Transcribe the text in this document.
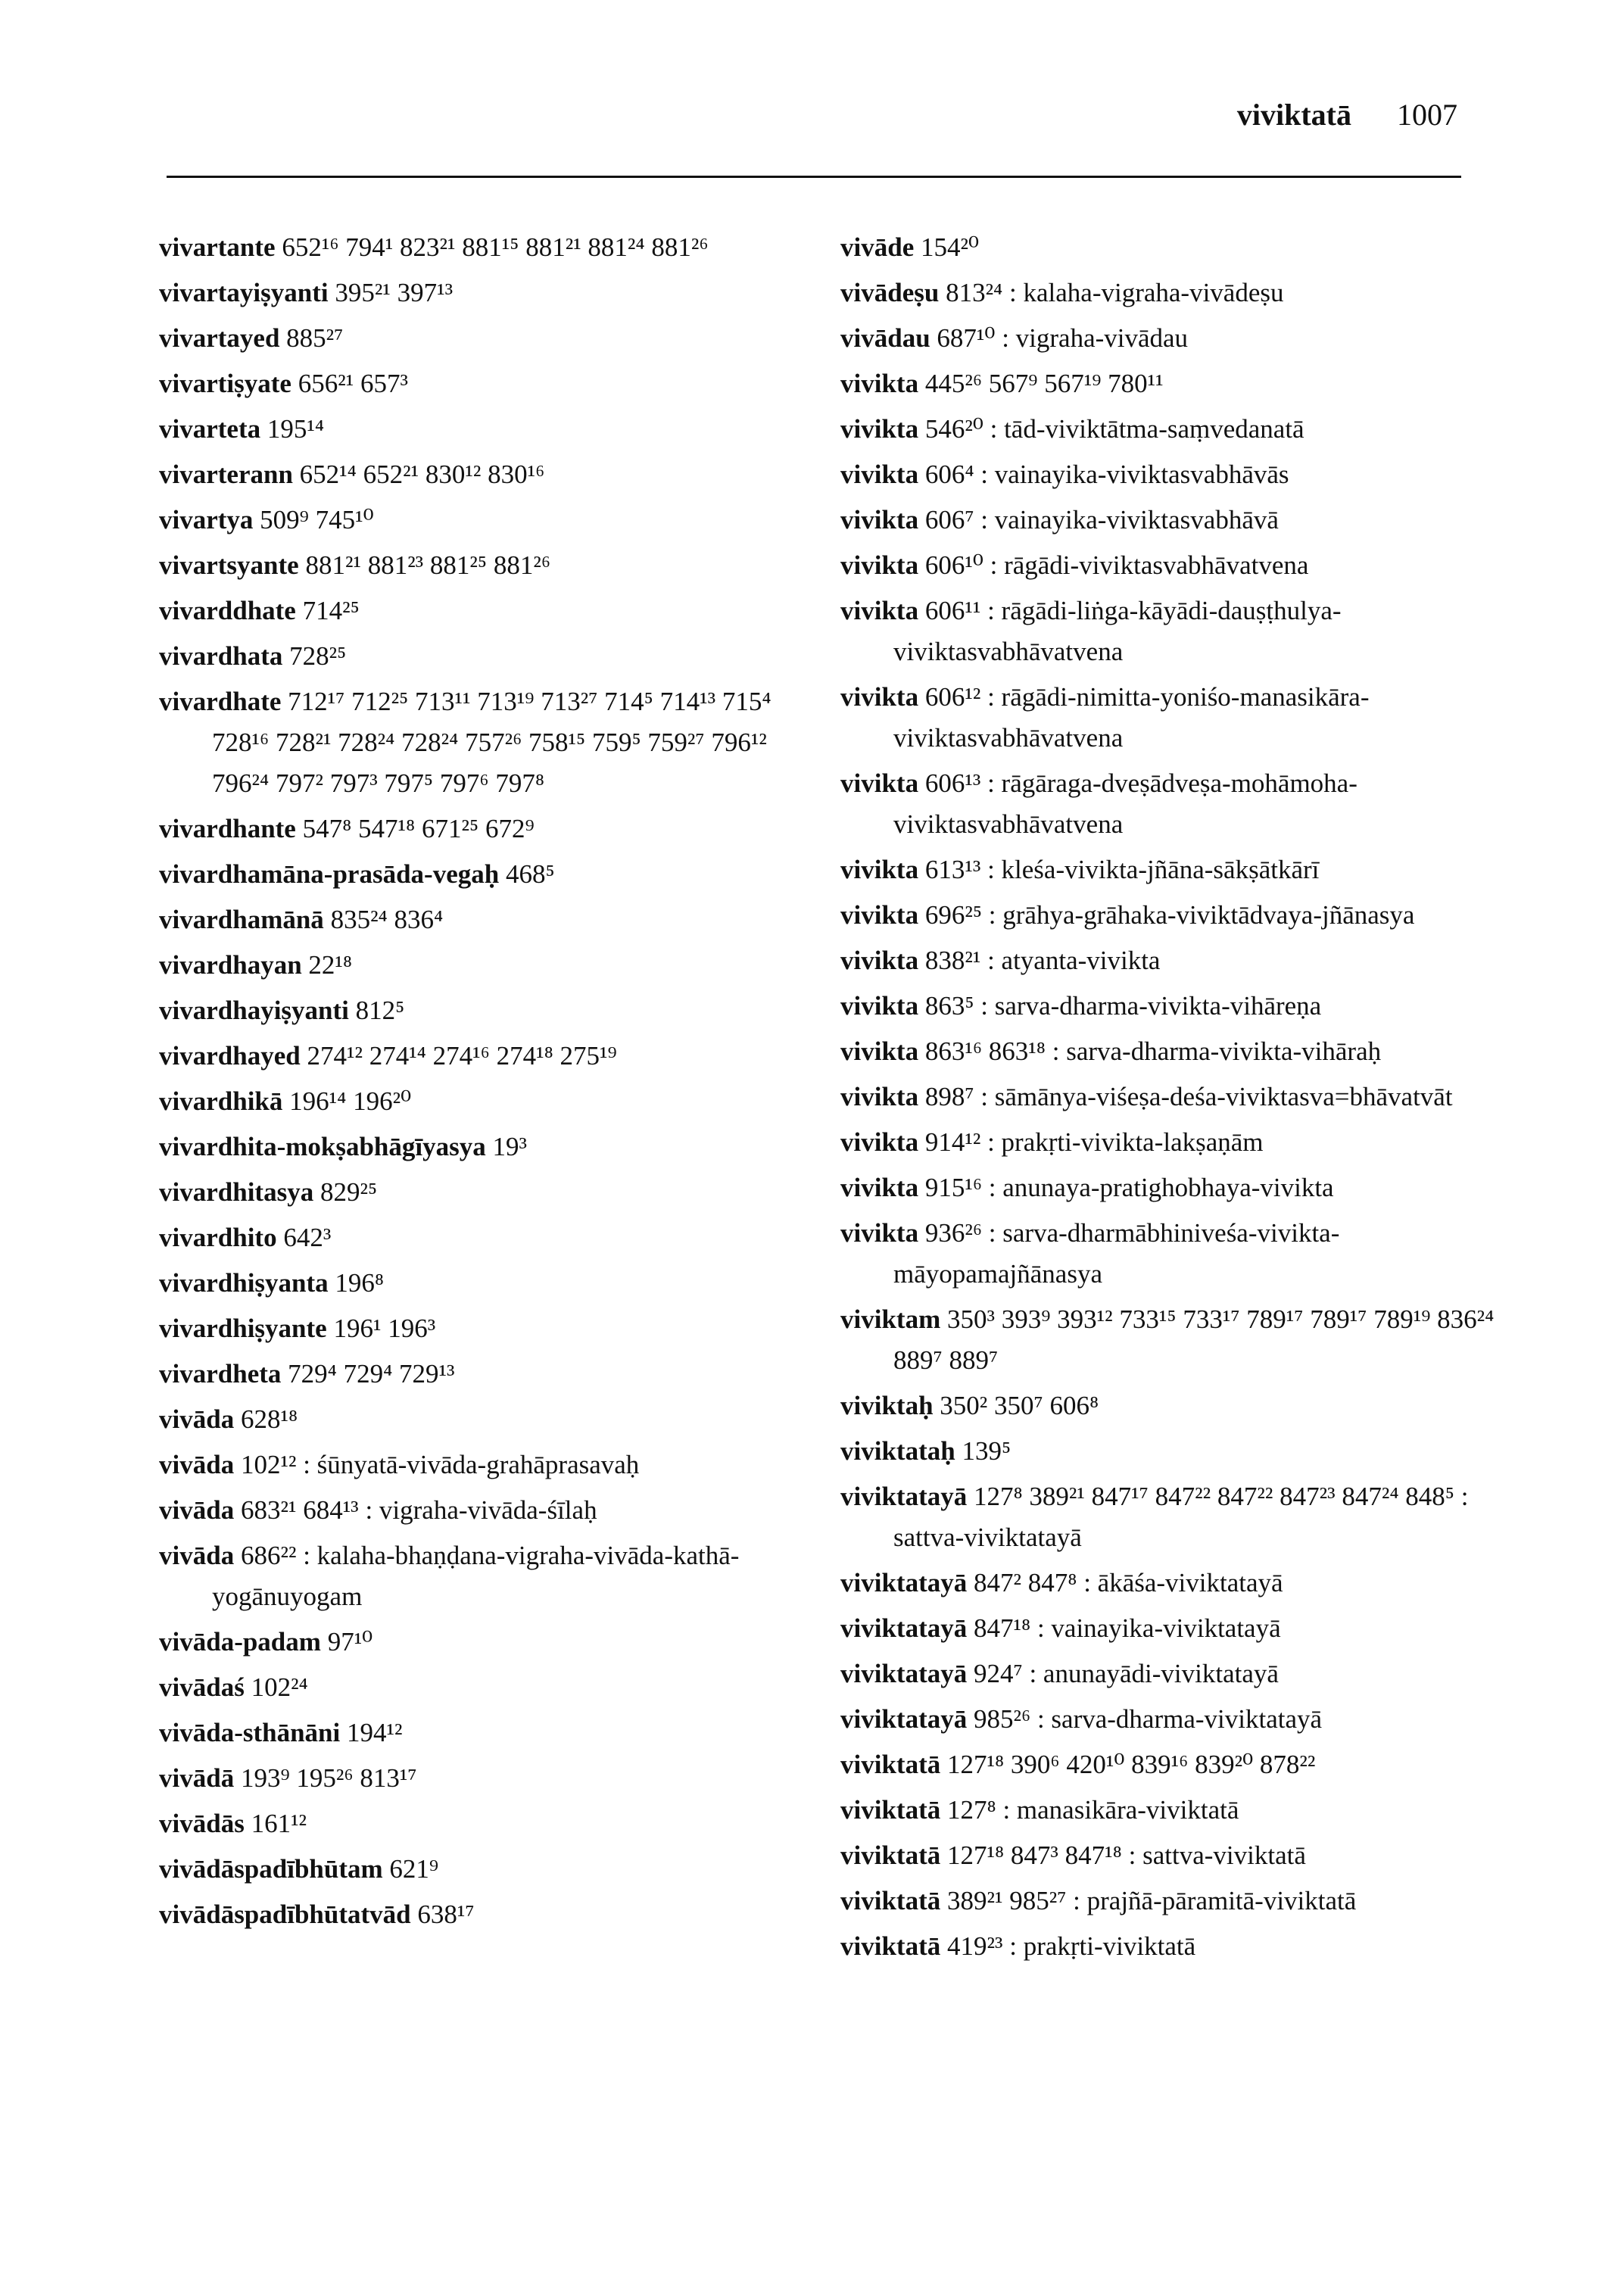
viviktatā 1007
vivartante 652¹⁶ 794¹ 823²¹ 881¹⁵ 881²¹ 881²⁴ 881²⁶
vivartayiṣyanti 395²¹ 397¹³
vivartayed 885²⁷
vivartiṣyate 656²¹ 657³
vivarteta 195¹⁴
vivarterann 652¹⁴ 652²¹ 830¹² 830¹⁶
vivartya 509⁹ 745¹⁰
vivartsyante 881²¹ 881²³ 881²⁵ 881²⁶
vivarddhate 714²⁵
vivardhata 728²⁵
vivardhate 712¹⁷ 712²⁵ 713¹¹ 713¹⁹ 713²⁷ 714⁵ 714¹³ 715⁴ 728¹⁶ 728²¹ 728²⁴ 728²⁴ 757²⁶ 758¹⁵ 759⁵ 759²⁷ 796¹² 796²⁴ 797² 797³ 797⁵ 797⁶ 797⁸
vivardhante 547⁸ 547¹⁸ 671²⁵ 672⁹
vivardhamāna-prasāda-vegaḥ 468⁵
vivardhamānā 835²⁴ 836⁴
vivardhayan 22¹⁸
vivardhayiṣyanti 812⁵
vivardhayed 274¹² 274¹⁴ 274¹⁶ 274¹⁸ 275¹⁹
vivardhikā 196¹⁴ 196²⁰
vivardhita-mokṣabhāgīyasya 19³
vivardhitasya 829²⁵
vivardhito 642³
vivardhiṣyanta 196⁸
vivardhiṣyante 196¹ 196³
vivardheta 729⁴ 729⁴ 729¹³
vivāda 628¹⁸
vivāda 102¹² : śūnyatā-vivāda-grahāprasavaḥ
vivāda 683²¹ 684¹³ : vigraha-vivāda-śīlaḥ
vivāda 686²² : kalaha-bhaṇḍana-vigraha-vivāda-kathā-yogānuyogam
vivāda-padam 97¹⁰
vivādaś 102²⁴
vivāda-sthānāni 194¹²
vivādā 193⁹ 195²⁶ 813¹⁷
vivādās 161¹²
vivādāspadībhūtam 621⁹
vivādāspadībhūtatvād 638¹⁷
vivāde 154²⁰
vivādeṣu 813²⁴ : kalaha-vigraha-vivādeṣu
vivādau 687¹⁰ : vigraha-vivādau
vivikta 445²⁶ 567⁹ 567¹⁹ 780¹¹
vivikta 546²⁰ : tād-viviktātma-saṃvedanatā
vivikta 606⁴ : vainayika-viviktasvabhāvās
vivikta 606⁷ : vainayika-viviktasvabhāvā
vivikta 606¹⁰ : rāgādi-viviktasvabhāvatvena
vivikta 606¹¹ : rāgādi-liṅga-kāyādi-dauṣṭhulya-viviktasvabhāvatvena
vivikta 606¹² : rāgādi-nimitta-yoniśo-manasikāra-viviktasvabhāvatvena
vivikta 606¹³ : rāgāraga-dveṣādveṣa-mohāmoha-viviktasvabhāvatvena
vivikta 613¹³ : kleśa-vivikta-jñāna-sākṣātkārī
vivikta 696²⁵ : grāhya-grāhaka-viviktādvaya-jñānasya
vivikta 838²¹ : atyanta-vivikta
vivikta 863⁵ : sarva-dharma-vivikta-vihāreṇa
vivikta 863¹⁶ 863¹⁸ : sarva-dharma-vivikta-vihāraḥ
vivikta 898⁷ : sāmānya-viśeṣa-deśa-viviktasva=bhāvatvāt
vivikta 914¹² : prakṛti-vivikta-lakṣaṇām
vivikta 915¹⁶ : anunaya-pratighobhaya-vivikta
vivikta 936²⁶ : sarva-dharmābhiniveśa-vivikta-māyopamajñānasya
viviktam 350³ 393⁹ 393¹² 733¹⁵ 733¹⁷ 789¹⁷ 789¹⁷ 789¹⁹ 836²⁴ 889⁷ 889⁷
viviktaḥ 350² 350⁷ 606⁸
viviktataḥ 139⁵
viviktatayā 127⁸ 389²¹ 847¹⁷ 847²² 847²² 847²³ 847²⁴ 848⁵ : sattva-viviktatayā
viviktatayā 847² 847⁸ : ākāśa-viviktatayā
viviktatayā 847¹⁸ : vainayika-viviktatayā
viviktatayā 924⁷ : anunayādi-viviktatayā
viviktatayā 985²⁶ : sarva-dharma-viviktatayā
viviktatā 127¹⁸ 390⁶ 420¹⁰ 839¹⁶ 839²⁰ 878²²
viviktatā 127⁸ : manasikāra-viviktatā
viviktatā 127¹⁸ 847³ 847¹⁸ : sattva-viviktatā
viviktatā 389²¹ 985²⁷ : prajñā-pāramitā-viviktatā
viviktatā 419²³ : prakṛti-viviktatā
